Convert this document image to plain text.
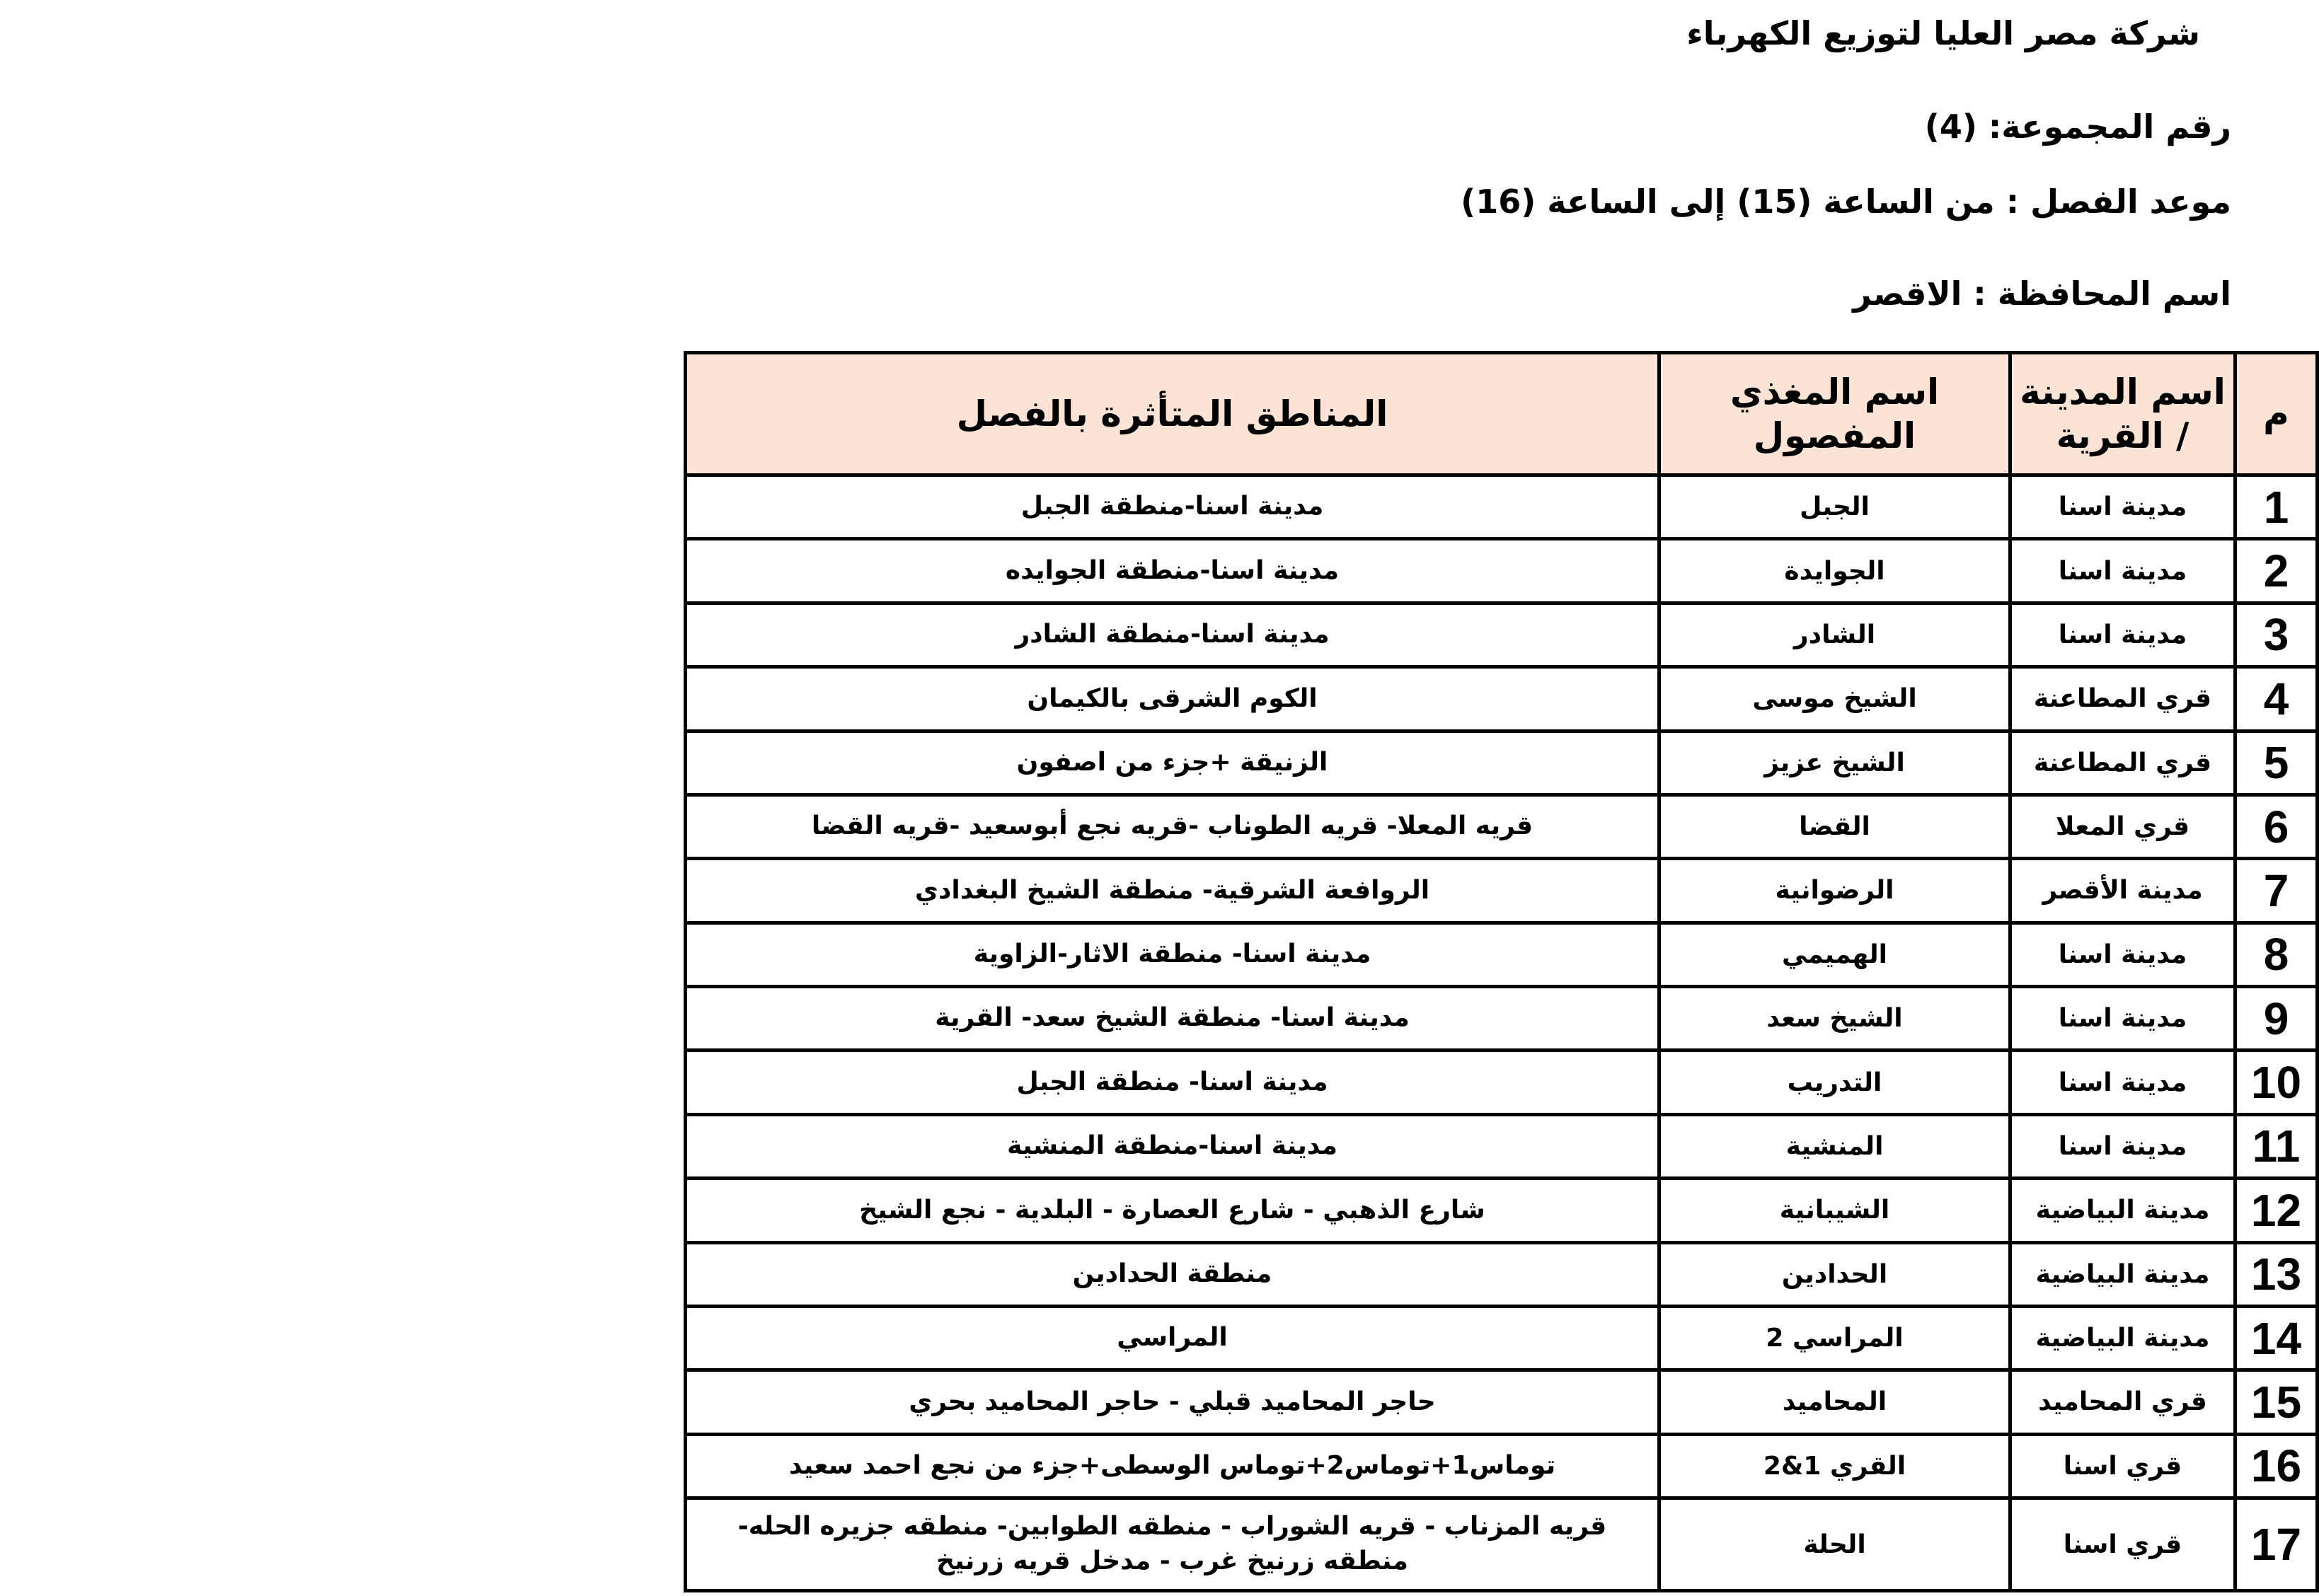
شركة مصر العليا لتوزيع الكهرباء

رقم المجموعة: (4)

موعد الفصل : من الساعة (15) إلى الساعة (16)

اسم المحافظة : الاقصر

م	اسم المدينة / القرية	اسم المغذي المفصول	المناطق المتأثرة بالفصل
1	مدينة اسنا	الجبل	مدينة اسنا-منطقة الجبل
2	مدينة اسنا	الجوايدة	مدينة اسنا-منطقة الجوايده
3	مدينة اسنا	الشادر	مدينة اسنا-منطقة الشادر
4	قري المطاعنة	الشيخ موسى	الكوم الشرقى بالكيمان
5	قري المطاعنة	الشيخ عزيز	الزنيقة +جزء من اصفون
6	قري المعلا	القضا	قريه المعلا- قريه الطوناب -قريه نجع أبوسعيد -قريه القضا
7	مدينة الأقصر	الرضوانية	الروافعة الشرقية- منطقة الشيخ البغدادي
8	مدينة اسنا	الهميمي	مدينة اسنا- منطقة الاثار-الزاوية
9	مدينة اسنا	الشيخ سعد	مدينة اسنا- منطقة الشيخ سعد- القرية
10	مدينة اسنا	التدريب	مدينة اسنا- منطقة الجبل
11	مدينة اسنا	المنشية	مدينة اسنا-منطقة المنشية
12	مدينة البياضية	الشيبانية	شارع الذهبي - شارع العصارة - البلدية - نجع الشيخ
13	مدينة البياضية	الحدادين	منطقة الحدادين
14	مدينة البياضية	المراسي 2	المراسي
15	قري المحاميد	المحاميد	حاجر المحاميد قبلي - حاجر المحاميد بحري
16	قري اسنا	القري 1&2	توماس1+توماس2+توماس الوسطى+جزء من نجع احمد سعيد
17	قري اسنا	الحلة	قريه المزناب - قريه الشوراب - منطقه الطوابين- منطقه جزيره الحله- منطقه زرنيخ غرب - مدخل قريه زرنيخ
